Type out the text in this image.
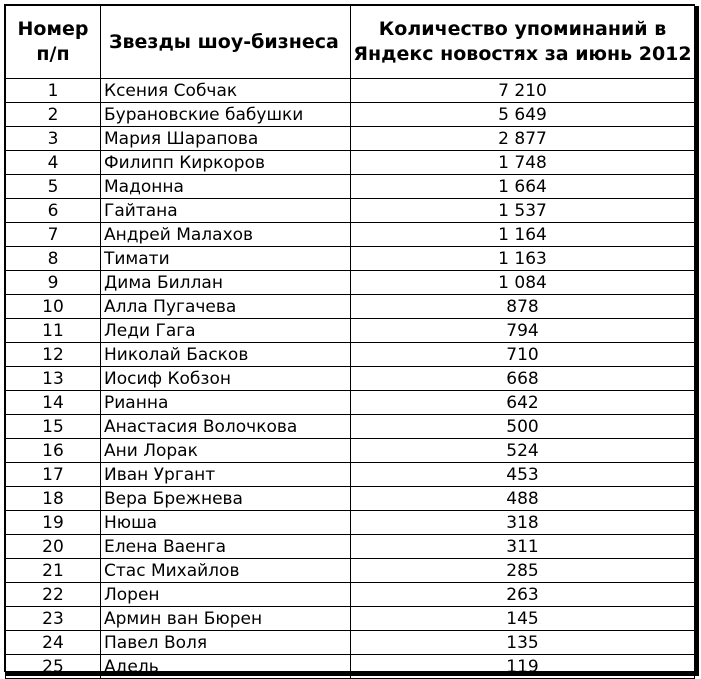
Номер
п/п	Звезды шоу-бизнеса	Количество упоминаний в
Яндекс новостях за июнь 2012

1	Ксения Собчак	7 210
2	Бурановские бабушки	5 649
3	Мария Шарапова	2 877
4	Филипп Киркоров	1 748
5	Мадонна	1 664
6	Гайтана	1 537
7	Андрей Малахов	1 164
8	Тимати	1 163
9	Дима Биллан	1 084
10	Алла Пугачева	878
11	Леди Гага	794
12	Николай Басков	710
13	Иосиф Кобзон	668
14	Рианна	642
15	Анастасия Волочкова	500
16	Ани Лорак	524
17	Иван Ургант	453
18	Вера Брежнева	488
19	Нюша	318
20	Елена Ваенга	311
21	Стас Михайлов	285
22	Лорен	263
23	Армин ван Бюрен	145
24	Павел Воля	135
25	Адель	119
